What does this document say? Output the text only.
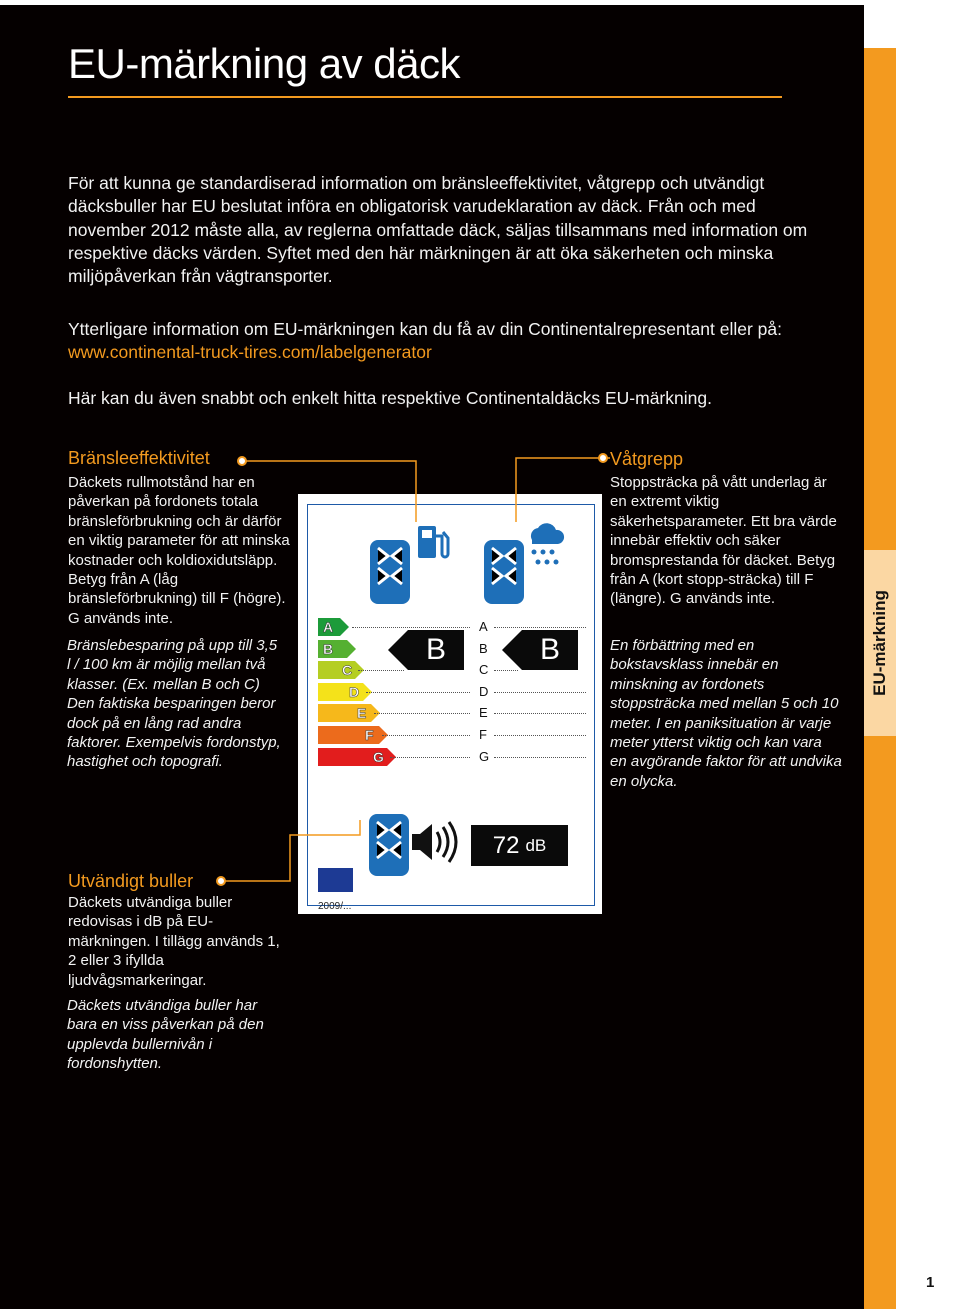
EU-märkning
1
EU-märkning av däck

För att kunna ge standardiserad information om bränsleeffektivitet, våtgrepp och utvändigt däcksbuller har EU beslutat införa en obligatorisk varudeklaration av däck. Från och med november 2012 måste alla, av reglerna omfattade däck, säljas tillsammans med information om respektive däcks värden. Syftet med den här märkningen är att öka säkerheten och minska miljöpåverkan från vägtransporter.

Ytterligare information om EU-märkningen kan du få av din Continentalrepresentant eller på: www.continental-truck-tires.com/labelgenerator

Här kan du även snabbt och enkelt hitta respektive Continentaldäcks EU-märkning.

Bränsleeffektivitet

Däckets rullmotstånd har en påverkan på fordonets totala bränsleförbrukning och är därför en viktig parameter för att minska kostnader och koldioxidutsläpp. Betyg från A (låg bränsleförbrukning) till F (högre). G används inte.

Bränslebesparing på upp till 3,5 l / 100 km är möjlig mellan två klasser. (Ex. mellan B och C) Den faktiska besparingen beror dock på en lång rad andra faktorer. Exempelvis fordonstyp, hastighet och topografi.

Våtgrepp

Stoppsträcka på vått underlag är en extremt viktig säkerhetsparameter. Ett bra värde innebär effektiv och säker bromsprestanda för däcket. Betyg från A (kort stopp-sträcka) till F (längre). G används inte.

En förbättring med en bokstavsklass innebär en minskning av fordonets stoppsträcka med mellan 5 och 10 meter. I en paniksituation är varje meter ytterst viktig och kan vara en avgörande faktor för att undvika en olycka.

Utvändigt buller

Däckets utvändiga buller redovisas i dB på EU-märkningen. I tillägg används 1, 2 eller 3 ifyllda ljudvågsmarkeringar.

Däckets utvändiga buller har bara en viss påverkan på den upplevda bullernivån i fordonshytten.

A
B
C
D
E
F
G
B
A
B
C
D
E
F
G
B
72 dB
2009/...
